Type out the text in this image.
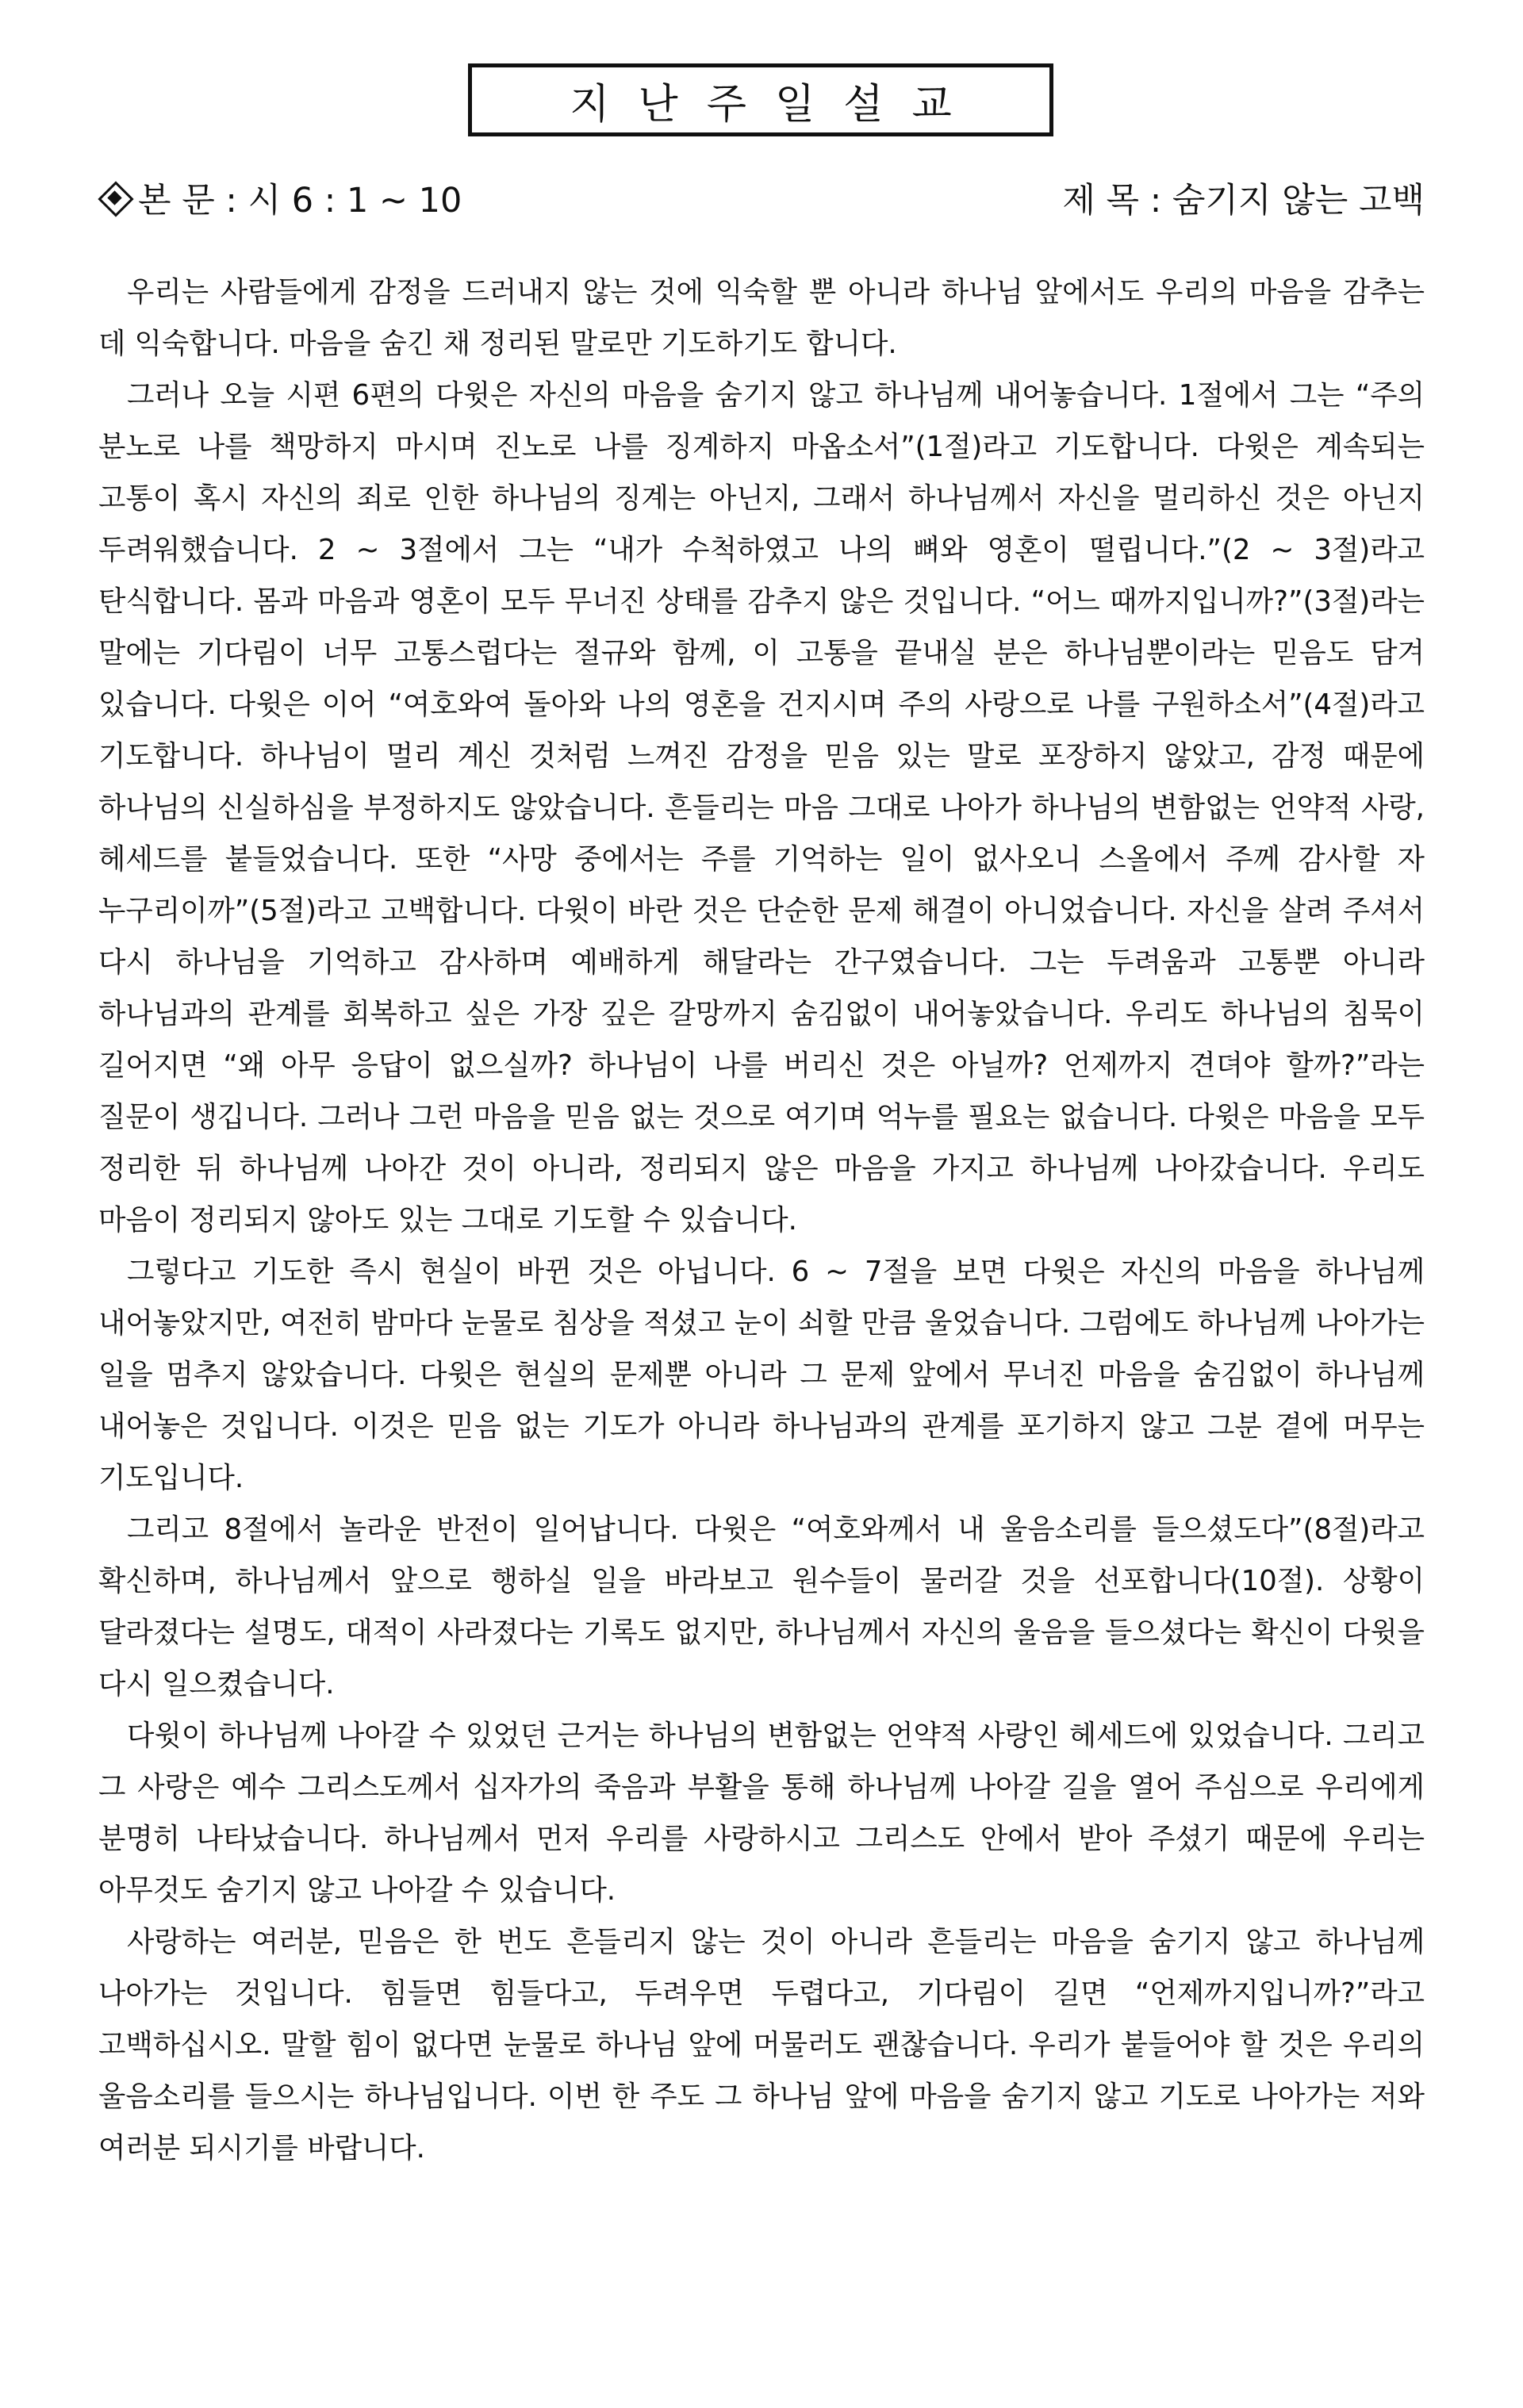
지난주일설교
본 문 : 시 6 : 1 ~ 10	제 목 : 숨기지 않는 고백

우리는 사람들에게 감정을 드러내지 않는 것에 익숙할 뿐 아니라 하나님 앞에서도 우리의 마음을 감추는 데 익숙합니다. 마음을 숨긴 채 정리된 말로만 기도하기도 합니다.

그러나 오늘 시편 6편의 다윗은 자신의 마음을 숨기지 않고 하나님께 내어놓습니다. 1절에서 그는 “주의 분노로 나를 책망하지 마시며 진노로 나를 징계하지 마옵소서”(1절)라고 기도합니다. 다윗은 계속되는 고통이 혹시 자신의 죄로 인한 하나님의 징계는 아닌지, 그래서 하나님께서 자신을 멀리하신 것은 아닌지 두려워했습니다. 2 ~ 3절에서 그는 “내가 수척하였고 나의 뼈와 영혼이 떨립니다.”(2 ~ 3절)라고 탄식합니다. 몸과 마음과 영혼이 모두 무너진 상태를 감추지 않은 것입니다. “어느 때까지입니까?”(3절)라는 말에는 기다림이 너무 고통스럽다는 절규와 함께, 이 고통을 끝내실 분은 하나님뿐이라는 믿음도 담겨 있습니다. 다윗은 이어 “여호와여 돌아와 나의 영혼을 건지시며 주의 사랑으로 나를 구원하소서”(4절)라고 기도합니다. 하나님이 멀리 계신 것처럼 느껴진 감정을 믿음 있는 말로 포장하지 않았고, 감정 때문에 하나님의 신실하심을 부정하지도 않았습니다. 흔들리는 마음 그대로 나아가 하나님의 변함없는 언약적 사랑, 헤세드를 붙들었습니다. 또한 “사망 중에서는 주를 기억하는 일이 없사오니 스올에서 주께 감사할 자 누구리이까”(5절)라고 고백합니다. 다윗이 바란 것은 단순한 문제 해결이 아니었습니다. 자신을 살려 주셔서 다시 하나님을 기억하고 감사하며 예배하게 해달라는 간구였습니다. 그는 두려움과 고통뿐 아니라 하나님과의 관계를 회복하고 싶은 가장 깊은 갈망까지 숨김없이 내어놓았습니다. 우리도 하나님의 침묵이 길어지면 “왜 아무 응답이 없으실까? 하나님이 나를 버리신 것은 아닐까? 언제까지 견뎌야 할까?”라는 질문이 생깁니다. 그러나 그런 마음을 믿음 없는 것으로 여기며 억누를 필요는 없습니다. 다윗은 마음을 모두 정리한 뒤 하나님께 나아간 것이 아니라, 정리되지 않은 마음을 가지고 하나님께 나아갔습니다. 우리도 마음이 정리되지 않아도 있는 그대로 기도할 수 있습니다.

그렇다고 기도한 즉시 현실이 바뀐 것은 아닙니다. 6 ~ 7절을 보면 다윗은 자신의 마음을 하나님께 내어놓았지만, 여전히 밤마다 눈물로 침상을 적셨고 눈이 쇠할 만큼 울었습니다. 그럼에도 하나님께 나아가는 일을 멈추지 않았습니다. 다윗은 현실의 문제뿐 아니라 그 문제 앞에서 무너진 마음을 숨김없이 하나님께 내어놓은 것입니다. 이것은 믿음 없는 기도가 아니라 하나님과의 관계를 포기하지 않고 그분 곁에 머무는 기도입니다.

그리고 8절에서 놀라운 반전이 일어납니다. 다윗은 “여호와께서 내 울음소리를 들으셨도다”(8절)라고 확신하며, 하나님께서 앞으로 행하실 일을 바라보고 원수들이 물러갈 것을 선포합니다(10절). 상황이 달라졌다는 설명도, 대적이 사라졌다는 기록도 없지만, 하나님께서 자신의 울음을 들으셨다는 확신이 다윗을 다시 일으켰습니다.

다윗이 하나님께 나아갈 수 있었던 근거는 하나님의 변함없는 언약적 사랑인 헤세드에 있었습니다. 그리고 그 사랑은 예수 그리스도께서 십자가의 죽음과 부활을 통해 하나님께 나아갈 길을 열어 주심으로 우리에게 분명히 나타났습니다. 하나님께서 먼저 우리를 사랑하시고 그리스도 안에서 받아 주셨기 때문에 우리는 아무것도 숨기지 않고 나아갈 수 있습니다.

사랑하는 여러분, 믿음은 한 번도 흔들리지 않는 것이 아니라 흔들리는 마음을 숨기지 않고 하나님께 나아가는 것입니다. 힘들면 힘들다고, 두려우면 두렵다고, 기다림이 길면 “언제까지입니까?”라고 고백하십시오. 말할 힘이 없다면 눈물로 하나님 앞에 머물러도 괜찮습니다. 우리가 붙들어야 할 것은 우리의 울음소리를 들으시는 하나님입니다. 이번 한 주도 그 하나님 앞에 마음을 숨기지 않고 기도로 나아가는 저와 여러분 되시기를 바랍니다.
